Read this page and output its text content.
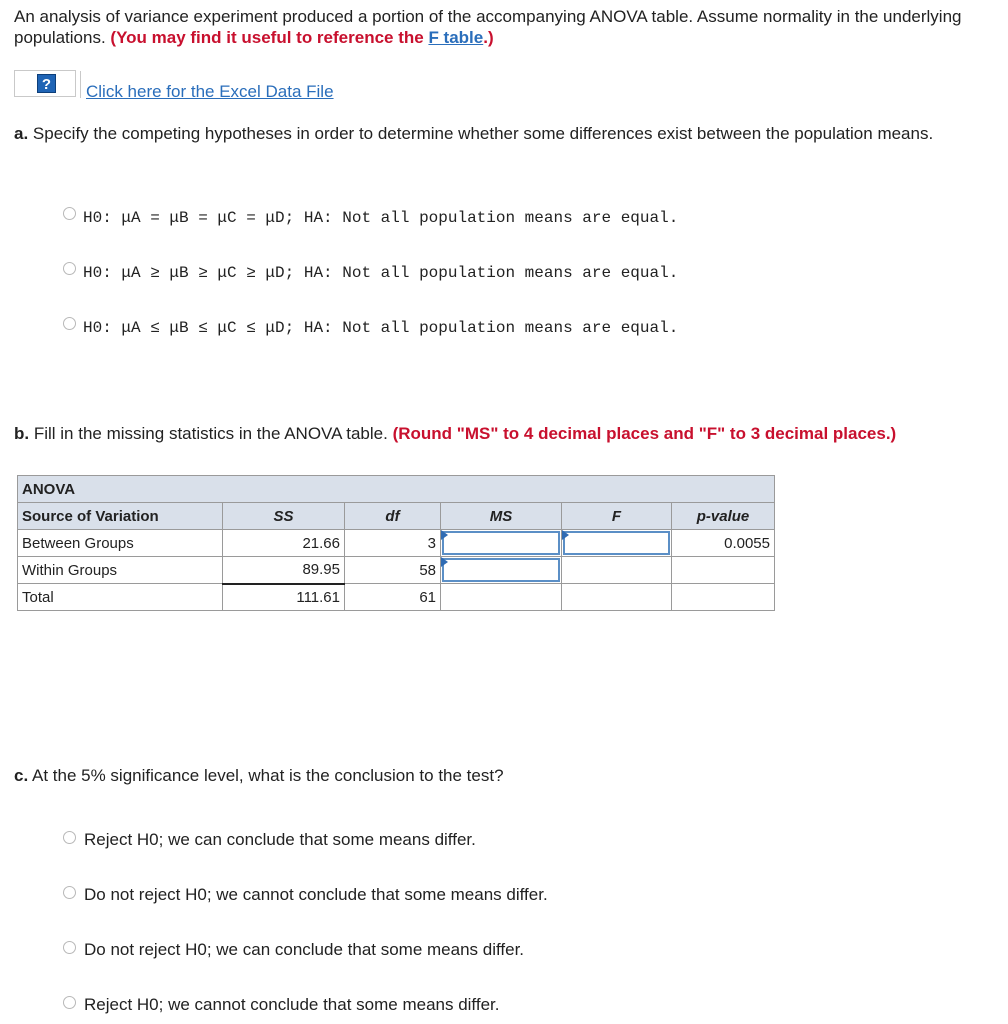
An analysis of variance experiment produced a portion of the accompanying ANOVA table. Assume normality in the underlying populations. (You may find it useful to reference the F table.)
? Click here for the Excel Data File
a. Specify the competing hypotheses in order to determine whether some differences exist between the population means.
H0: μA = μB = μC = μD; HA: Not all population means are equal.
H0: μA ≥ μB ≥ μC ≥ μD; HA: Not all population means are equal.
H0: μA ≤ μB ≤ μC ≤ μD; HA: Not all population means are equal.
b. Fill in the missing statistics in the ANOVA table. (Round "MS" to 4 decimal places and "F" to 3 decimal places.)
ANOVA					
Source of Variation	SS	df	MS	F	p-value
Between Groups	21.66	3			0.0055
Within Groups	89.95	58	

Total	111.61	61			
c. At the 5% significance level, what is the conclusion to the test?
Reject H0; we can conclude that some means differ.
Do not reject H0; we cannot conclude that some means differ.
Do not reject H0; we can conclude that some means differ.
Reject H0; we cannot conclude that some means differ.
